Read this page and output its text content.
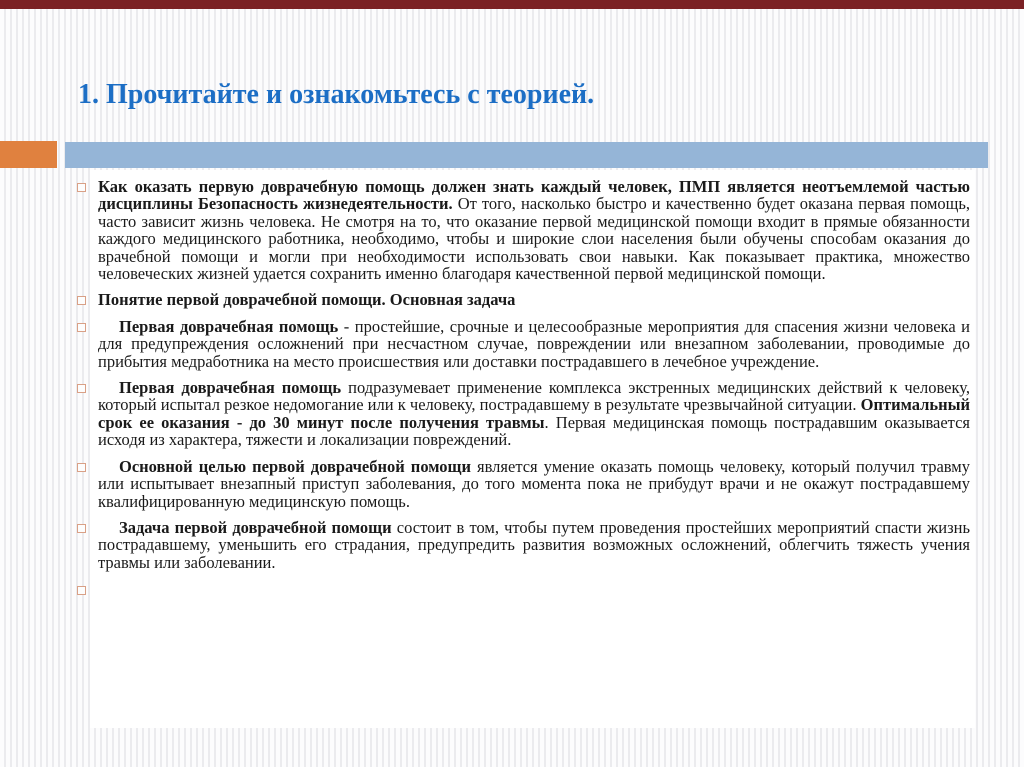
1. Прочитайте и ознакомьтесь с теорией.
Как оказать первую доврачебную помощь должен знать каждый человек, ПМП является неотъемлемой частью дисциплины Безопасность жизнедеятельности. От того, насколько быстро и качественно будет оказана первая помощь, часто зависит жизнь человека. Не смотря на то, что оказание первой медицинской помощи входит в прямые обязанности каждого медицинского работника, необходимо, чтобы и широкие слои населения были обучены способам оказания до врачебной помощи и могли при необходимости использовать свои навыки. Как показывает практика, множество человеческих жизней удается сохранить именно благодаря качественной первой медицинской помощи.
Понятие первой доврачебной помощи. Основная задача
Первая доврачебная помощь - простейшие, срочные и целесообразные мероприятия для спасения жизни человека и для предупреждения осложнений при несчастном случае, повреждении или внезапном заболевании, проводимые до прибытия медработника на место происшествия или доставки пострадавшего в лечебное учреждение.
Первая доврачебная помощь подразумевает применение комплекса экстренных медицинских действий к человеку, который испытал резкое недомогание или к человеку, пострадавшему в результате чрезвычайной ситуации. Оптимальный срок ее оказания - до 30 минут после получения травмы. Первая медицинская помощь пострадавшим оказывается исходя из характера, тяжести и локализации повреждений.
Основной целью первой доврачебной помощи является умение оказать помощь человеку, который получил травму или испытывает внезапный приступ заболевания, до того момента пока не прибудут врачи и не окажут пострадавшему квалифицированную медицинскую помощь.
Задача первой доврачебной помощи состоит в том, чтобы путем проведения простейших мероприятий спасти жизнь пострадавшему, уменьшить его страдания, предупредить развития возможных осложнений, облегчить тяжесть учения травмы или заболевании.
